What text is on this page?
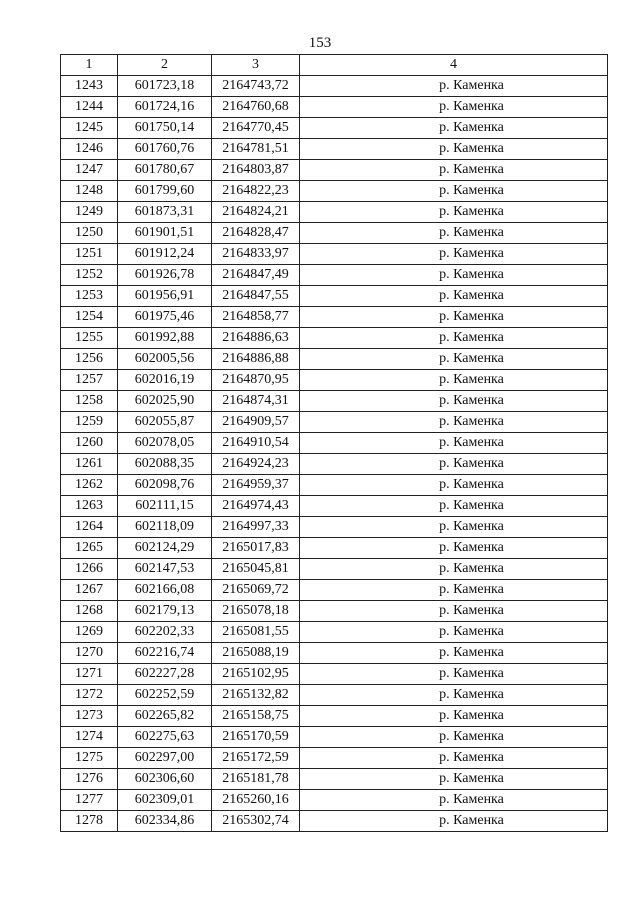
153
1	2	3	4
1243	601723,18	2164743,72	р. Каменка
1244	601724,16	2164760,68	р. Каменка
1245	601750,14	2164770,45	р. Каменка
1246	601760,76	2164781,51	р. Каменка
1247	601780,67	2164803,87	р. Каменка
1248	601799,60	2164822,23	р. Каменка
1249	601873,31	2164824,21	р. Каменка
1250	601901,51	2164828,47	р. Каменка
1251	601912,24	2164833,97	р. Каменка
1252	601926,78	2164847,49	р. Каменка
1253	601956,91	2164847,55	р. Каменка
1254	601975,46	2164858,77	р. Каменка
1255	601992,88	2164886,63	р. Каменка
1256	602005,56	2164886,88	р. Каменка
1257	602016,19	2164870,95	р. Каменка
1258	602025,90	2164874,31	р. Каменка
1259	602055,87	2164909,57	р. Каменка
1260	602078,05	2164910,54	р. Каменка
1261	602088,35	2164924,23	р. Каменка
1262	602098,76	2164959,37	р. Каменка
1263	602111,15	2164974,43	р. Каменка
1264	602118,09	2164997,33	р. Каменка
1265	602124,29	2165017,83	р. Каменка
1266	602147,53	2165045,81	р. Каменка
1267	602166,08	2165069,72	р. Каменка
1268	602179,13	2165078,18	р. Каменка
1269	602202,33	2165081,55	р. Каменка
1270	602216,74	2165088,19	р. Каменка
1271	602227,28	2165102,95	р. Каменка
1272	602252,59	2165132,82	р. Каменка
1273	602265,82	2165158,75	р. Каменка
1274	602275,63	2165170,59	р. Каменка
1275	602297,00	2165172,59	р. Каменка
1276	602306,60	2165181,78	р. Каменка
1277	602309,01	2165260,16	р. Каменка
1278	602334,86	2165302,74	р. Каменка
